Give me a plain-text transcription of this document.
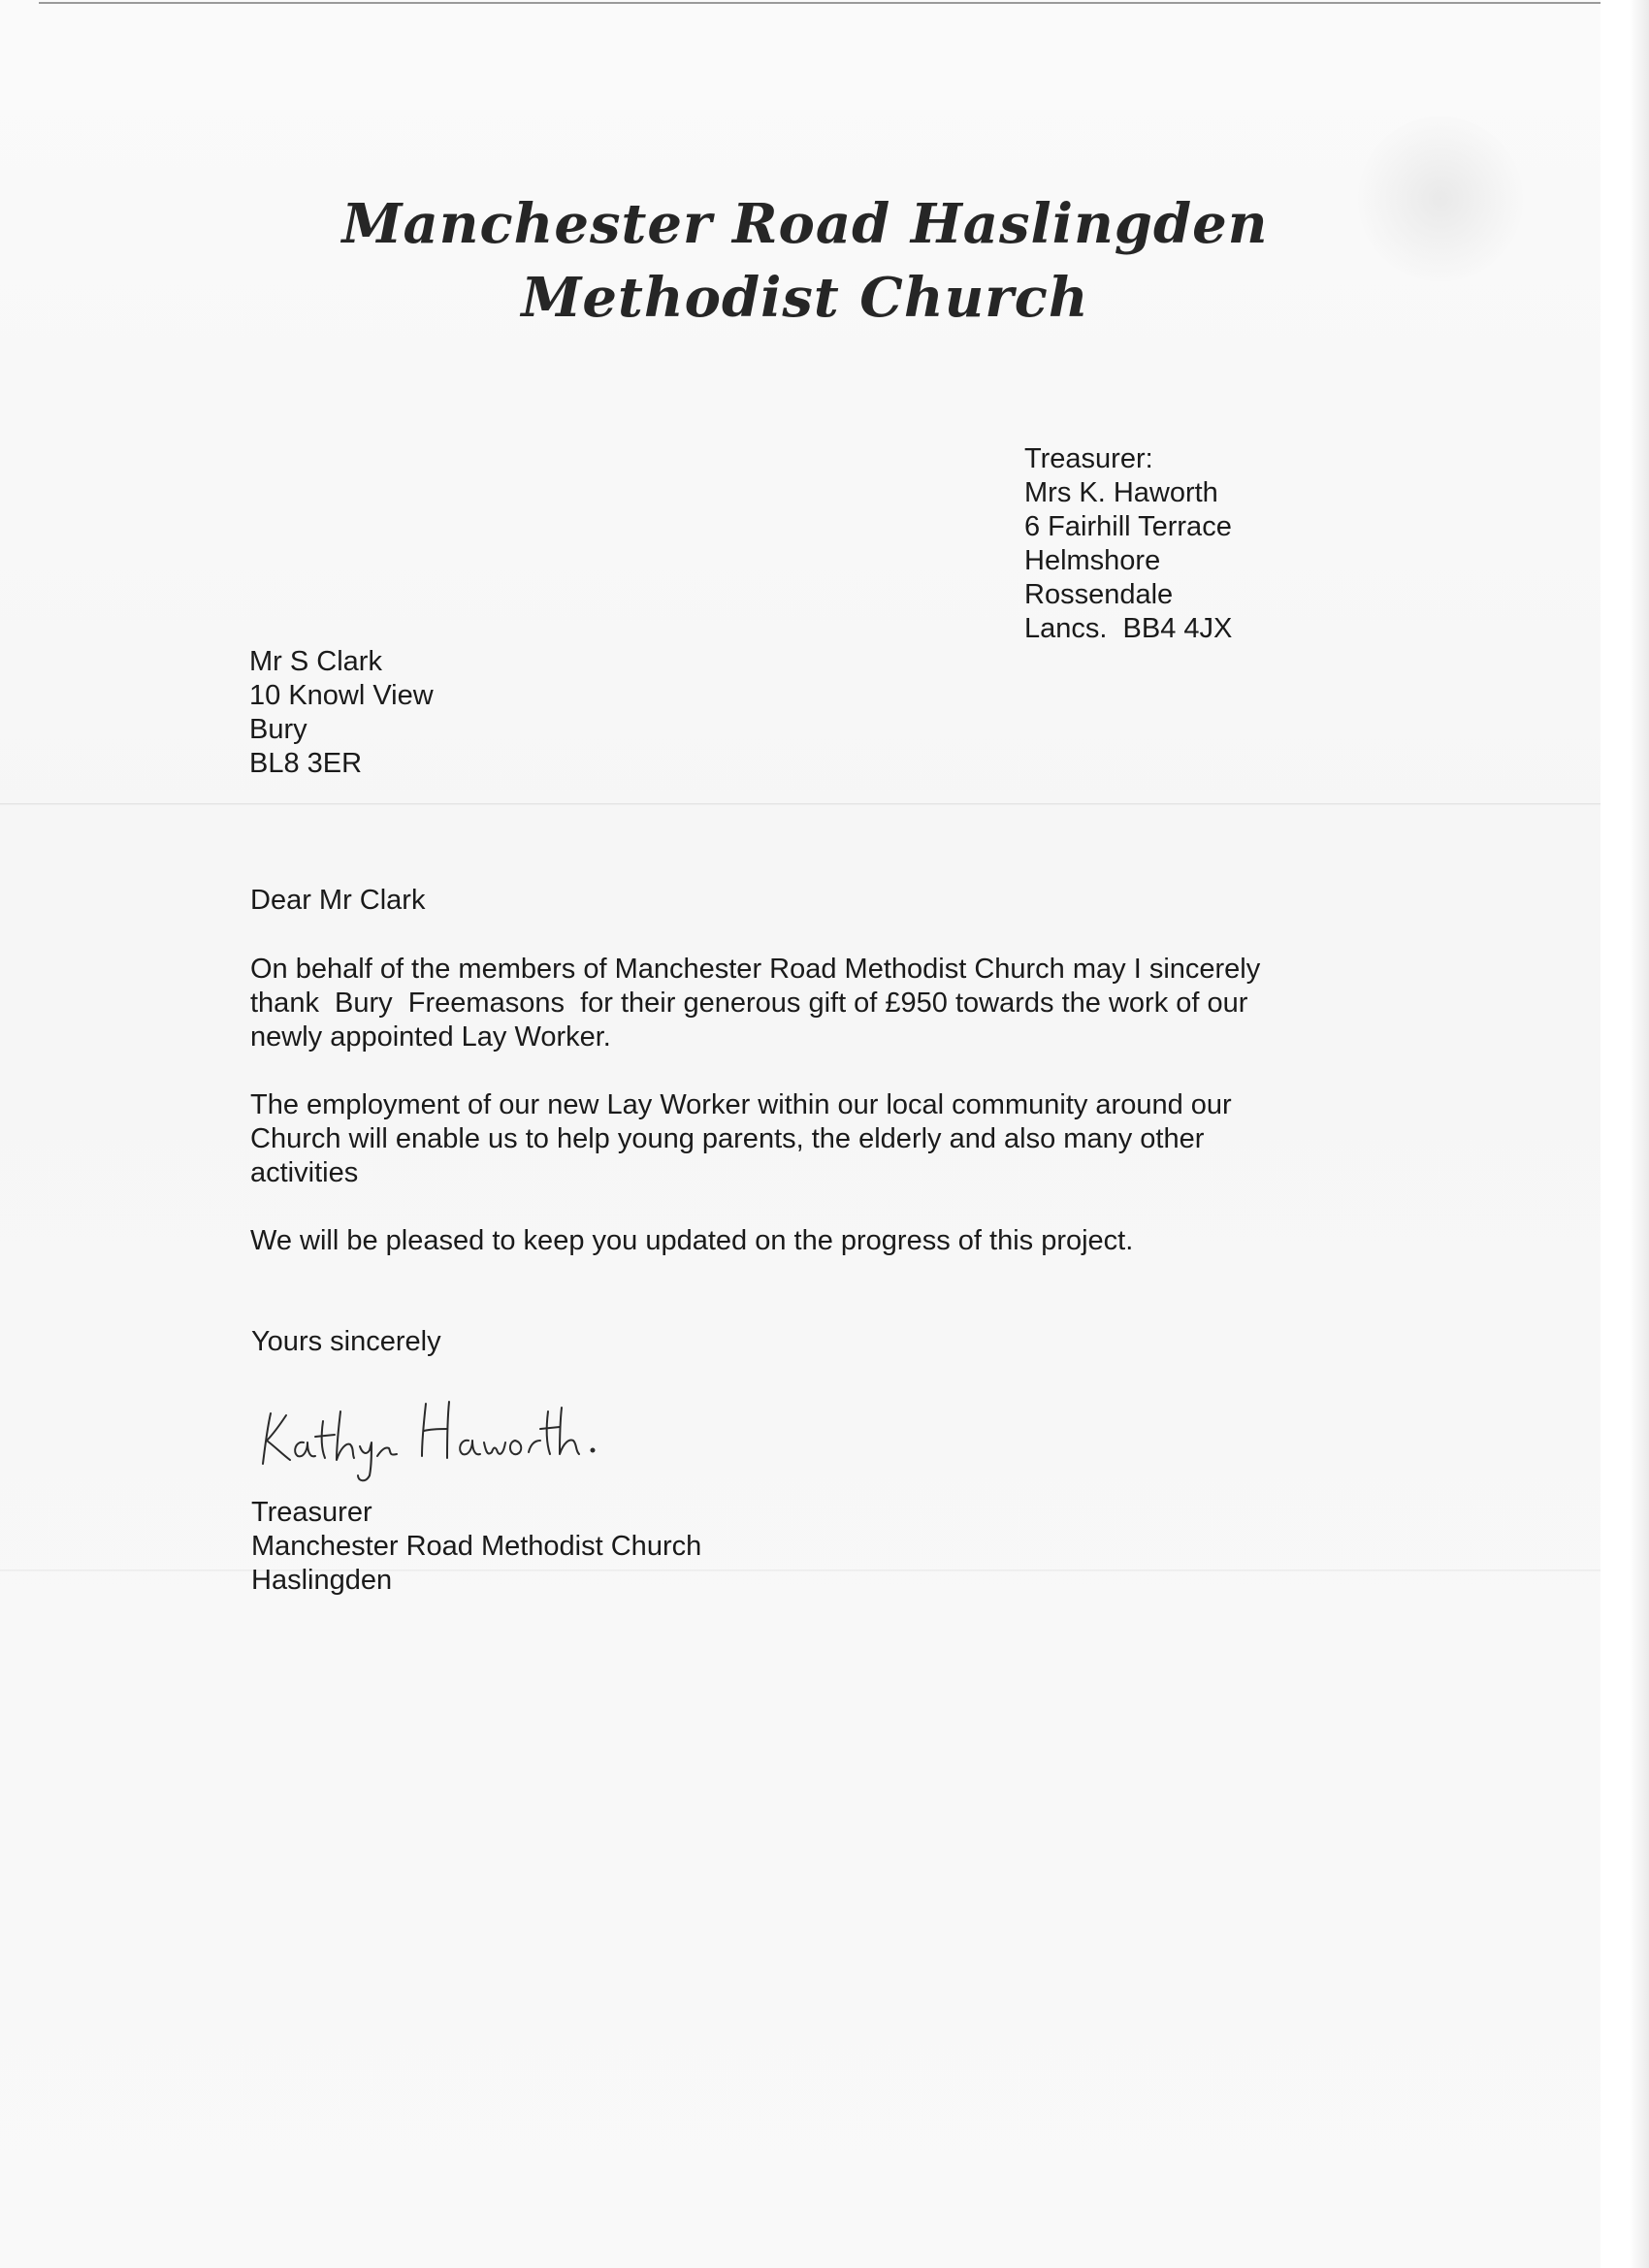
Manchester Road Haslingden
Methodist Church

Treasurer:

Mrs K. Haworth

6 Fairhill Terrace

Helmshore

Rossendale

Lancs.  BB4 4JX

Mr S Clark

10 Knowl View

Bury

BL8 3ER

Dear Mr Clark

On behalf of the members of Manchester Road Methodist Church may I sincerely

thank  Bury  Freemasons  for their generous gift of £950 towards the work of our

newly appointed Lay Worker.

The employment of our new Lay Worker within our local community around our

Church will enable us to help young parents, the elderly and also many other

activities

We will be pleased to keep you updated on the progress of this project.

Yours sincerely

Treasurer

Manchester Road Methodist Church

Haslingden
